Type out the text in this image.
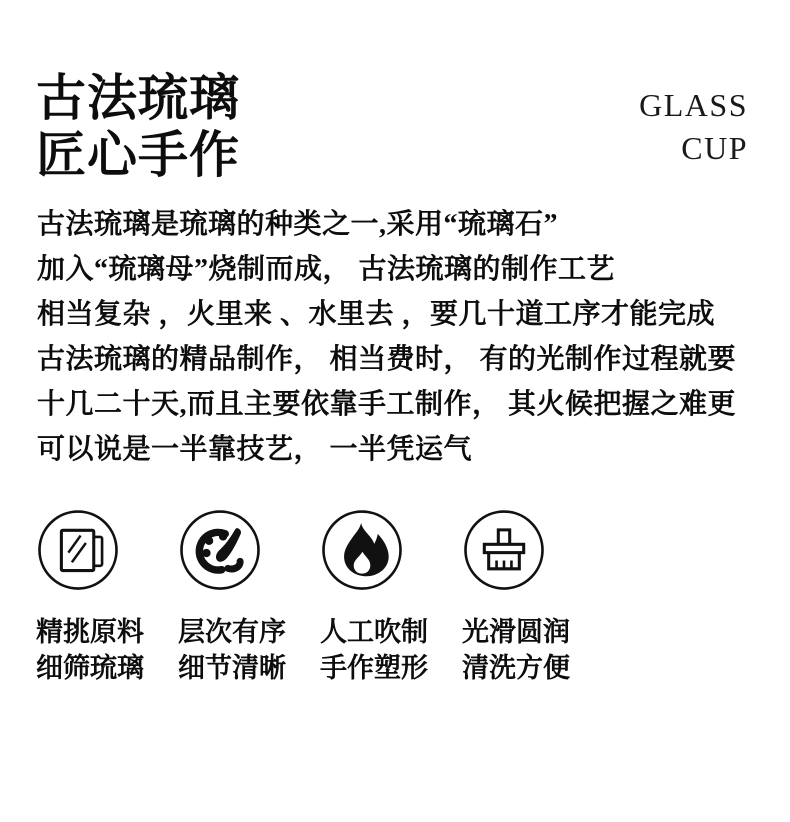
古法琉璃
匠心手作
GLASS
CUP
古法琉璃是琉璃的种类之一,采用“琉璃石”
加入“琉璃母”烧制而成， 古法琉璃的制作工艺
相当复杂 ，火里来 、水里去 ，要几十道工序才能完成
古法琉璃的精品制作， 相当费时， 有的光制作过程就要
十几二十天,而且主要依靠手工制作， 其火候把握之难更
可以说是一半靠技艺， 一半凭运气
精挑原料
细筛琉璃
层次有序
细节清晰
人工吹制
手作塑形
光滑圆润
清洗方便
